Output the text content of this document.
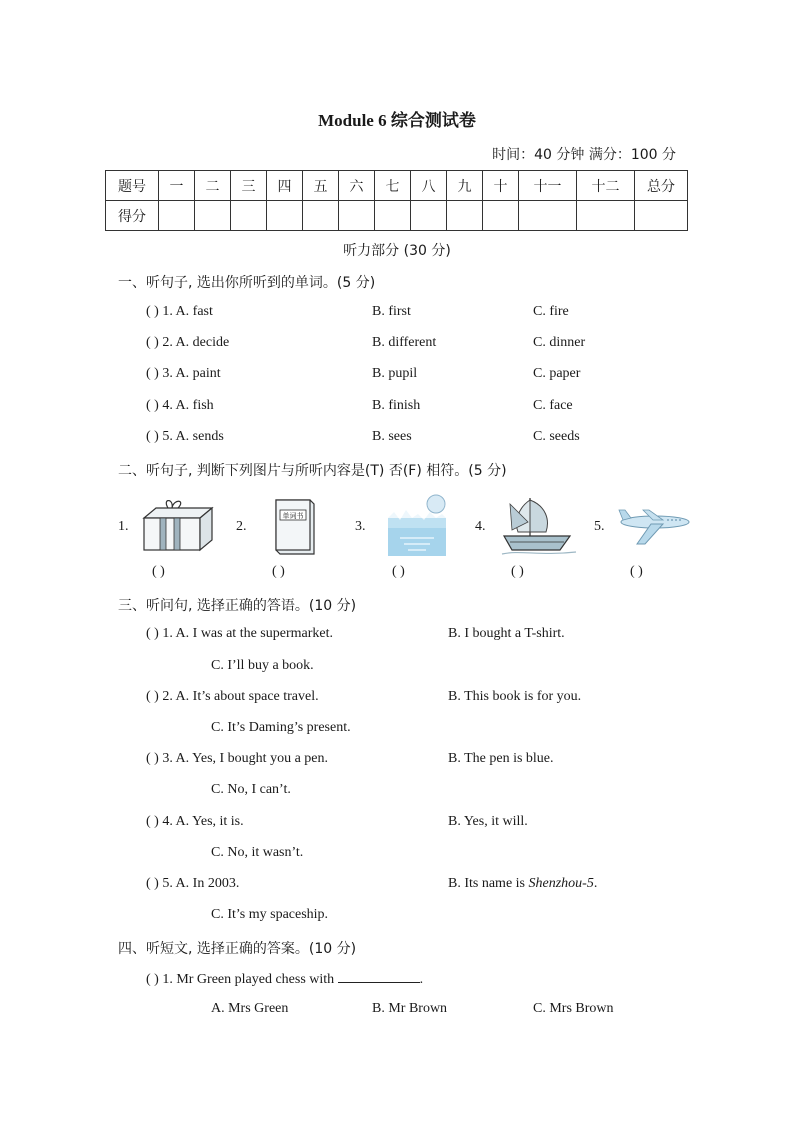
Module 6 综合测试卷
时间：40 分钟 满分：100 分
题号	一	二	三	四	五	六	七	八	九	十	十一	十二	总分
得分													
听力部分 (30 分)
一、听句子, 选出你所听到的单词。(5 分)
( ) 1. A. fast	B. first	C. fire
( ) 2. A. decide	B. different	C. dinner
( ) 3. A. paint	B. pupil	C. paper
( ) 4. A. fish	B. finish	C. face
( ) 5. A. sends	B. sees	C. seeds
二、听句子, 判断下列图片与所听内容是(T) 否(F) 相符。(5 分)
1.
( )
2.
单词书
( )
3.
( )
4.
( )
5.
( )
三、听问句, 选择正确的答语。(10 分)
( ) 1. A. I was at the supermarket.	B. I bought a T-shirt.
C. I’ll buy a book.
( ) 2. A. It’s about space travel.	B. This book is for you.
C. It’s Daming’s present.
( ) 3. A. Yes, I bought you a pen.	B. The pen is blue.
C. No, I can’t.
( ) 4. A. Yes, it is.	B. Yes, it will.
C. No, it wasn’t.
( ) 5. A. In 2003.	B. Its name is Shenzhou-5.
C. It’s my spaceship.
四、听短文, 选择正确的答案。(10 分)
( ) 1. Mr Green played chess with	.
A. Mrs Green	B. Mr Brown	C. Mrs Brown
